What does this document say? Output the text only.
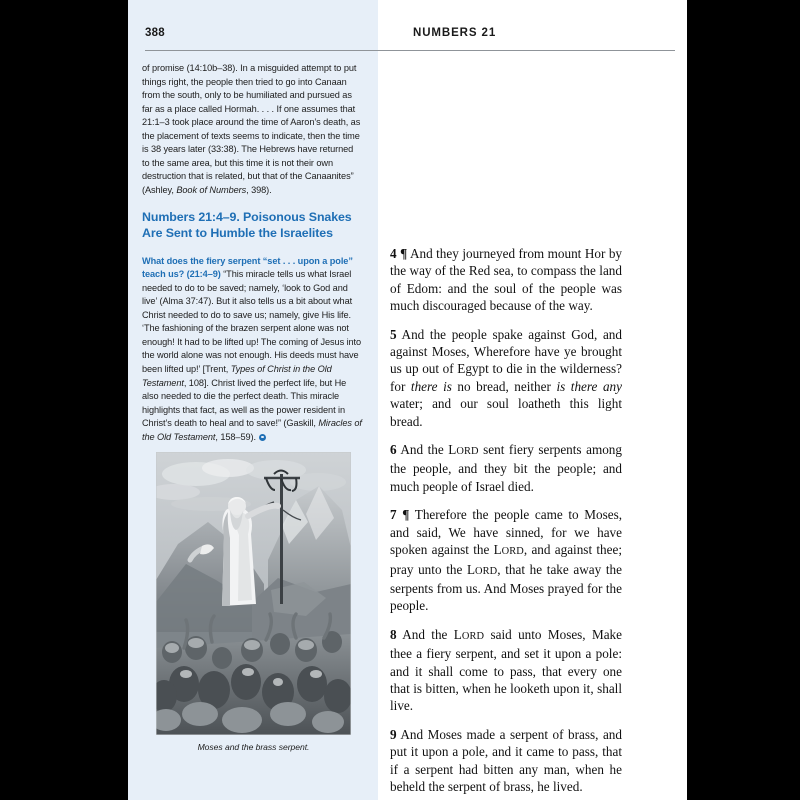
388	NUMBERS 21

of promise (14:10b–38). In a misguided attempt to put things right, the people then tried to go into Canaan from the south, only to be humiliated and pursued as far as a place called Hormah. . . . If one assumes that 21:1–3 took place around the time of Aaron’s death, as the placement of texts seems to indicate, then the time is 38 years later (33:38). The Hebrews have returned to the same area, but this time it is not their own destruction that is related, but that of the Canaanites” (Ashley, Book of Numbers, 398).

Numbers 21:4–9. Poisonous Snakes Are Sent to Humble the Israelites

What does the fiery serpent “set . . . upon a pole” teach us? (21:4–9) “This miracle tells us what Israel needed to do to be saved; namely, ‘look to God and live’ (Alma 37:47). But it also tells us a bit about what Christ needed to do to save us; namely, give His life. ‘The fashioning of the brazen serpent alone was not enough! It had to be lifted up! The coming of Jesus into the world alone was not enough. His deeds must have been lifted up!’ [Trent, Types of Christ in the Old Testament, 108]. Christ lived the perfect life, but He also needed to die the perfect death. This miracle highlights that fact, as well as the power resident in Christ’s death to heal and to save!” (Gaskill, Miracles of the Old Testament, 158–59).

Moses and the brass serpent.

4 ¶ And they journeyed from mount Hor by the way of the Red sea, to compass the land of Edom: and the soul of the people was much discouraged because of the way.

5 And the people spake against God, and against Moses, Wherefore have ye brought us up out of Egypt to die in the wilderness? for there is no bread, neither is there any water; and our soul loatheth this light bread.

6 And the LORD sent fiery serpents among the people, and they bit the people; and much people of Israel died.

7 ¶ Therefore the people came to Moses, and said, We have sinned, for we have spoken against the LORD, and against thee; pray unto the LORD, that he take away the serpents from us. And Moses prayed for the people.

8 And the LORD said unto Moses, Make thee a fiery serpent, and set it upon a pole: and it shall come to pass, that every one that is bitten, when he looketh upon it, shall live.

9 And Moses made a serpent of brass, and put it upon a pole, and it came to pass, that if a serpent had bitten any man, when he beheld the serpent of brass, he lived.
